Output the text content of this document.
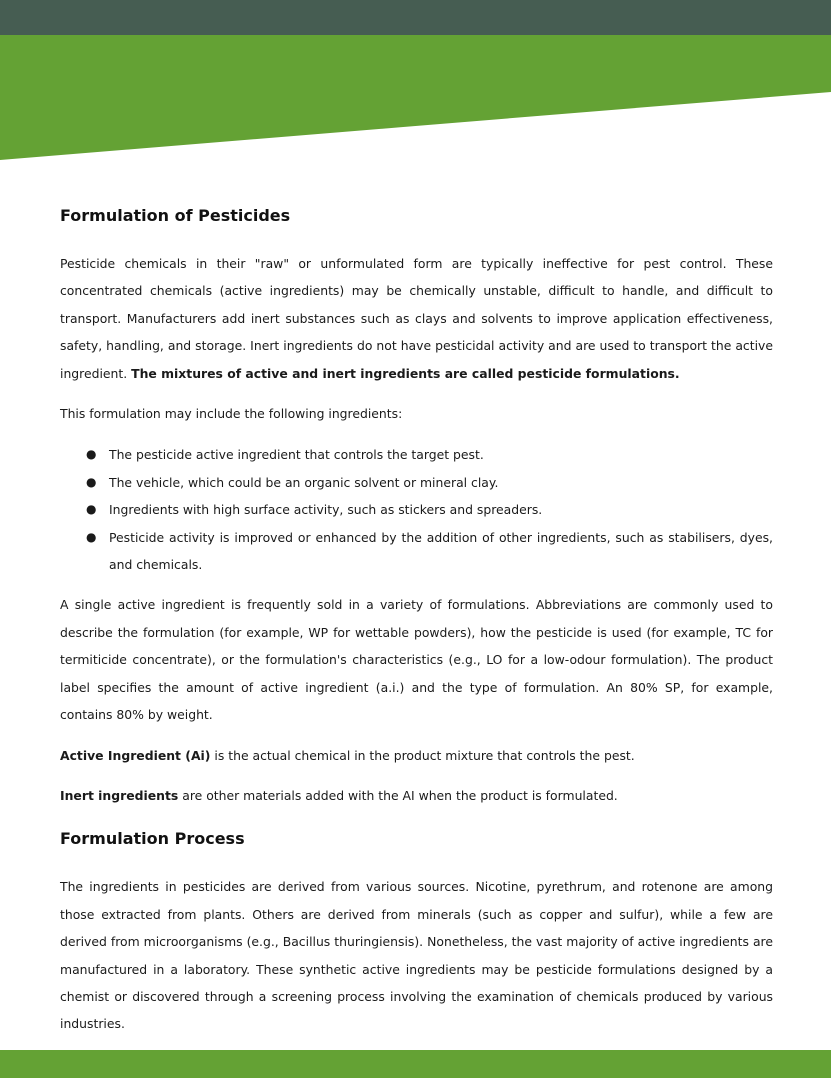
Formulation of Pesticides

Pesticide chemicals in their "raw" or unformulated form are typically ineffective for pest control. These concentrated chemicals (active ingredients) may be chemically unstable, difficult to handle, and difficult to transport. Manufacturers add inert substances such as clays and solvents to improve application effectiveness, safety, handling, and storage. Inert ingredients do not have pesticidal activity and are used to transport the active ingredient. The mixtures of active and inert ingredients are called pesticide formulations.

This formulation may include the following ingredients:

● The pesticide active ingredient that controls the target pest.
● The vehicle, which could be an organic solvent or mineral clay.
● Ingredients with high surface activity, such as stickers and spreaders.
● Pesticide activity is improved or enhanced by the addition of other ingredients, such as stabilisers, dyes, and chemicals.

A single active ingredient is frequently sold in a variety of formulations. Abbreviations are commonly used to describe the formulation (for example, WP for wettable powders), how the pesticide is used (for example, TC for termiticide concentrate), or the formulation's characteristics (e.g., LO for a low-odour formulation). The product label specifies the amount of active ingredient (a.i.) and the type of formulation. An 80% SP, for example, contains 80% by weight.

Active Ingredient (Ai) is the actual chemical in the product mixture that controls the pest.

Inert ingredients are other materials added with the AI when the product is formulated.

Formulation Process

The ingredients in pesticides are derived from various sources. Nicotine, pyrethrum, and rotenone are among those extracted from plants. Others are derived from minerals (such as copper and sulfur), while a few are derived from microorganisms (e.g., Bacillus thuringiensis). Nonetheless, the vast majority of active ingredients are manufactured in a laboratory. These synthetic active ingredients may be pesticide formulations designed by a chemist or discovered through a screening process involving the examination of chemicals produced by various industries.
